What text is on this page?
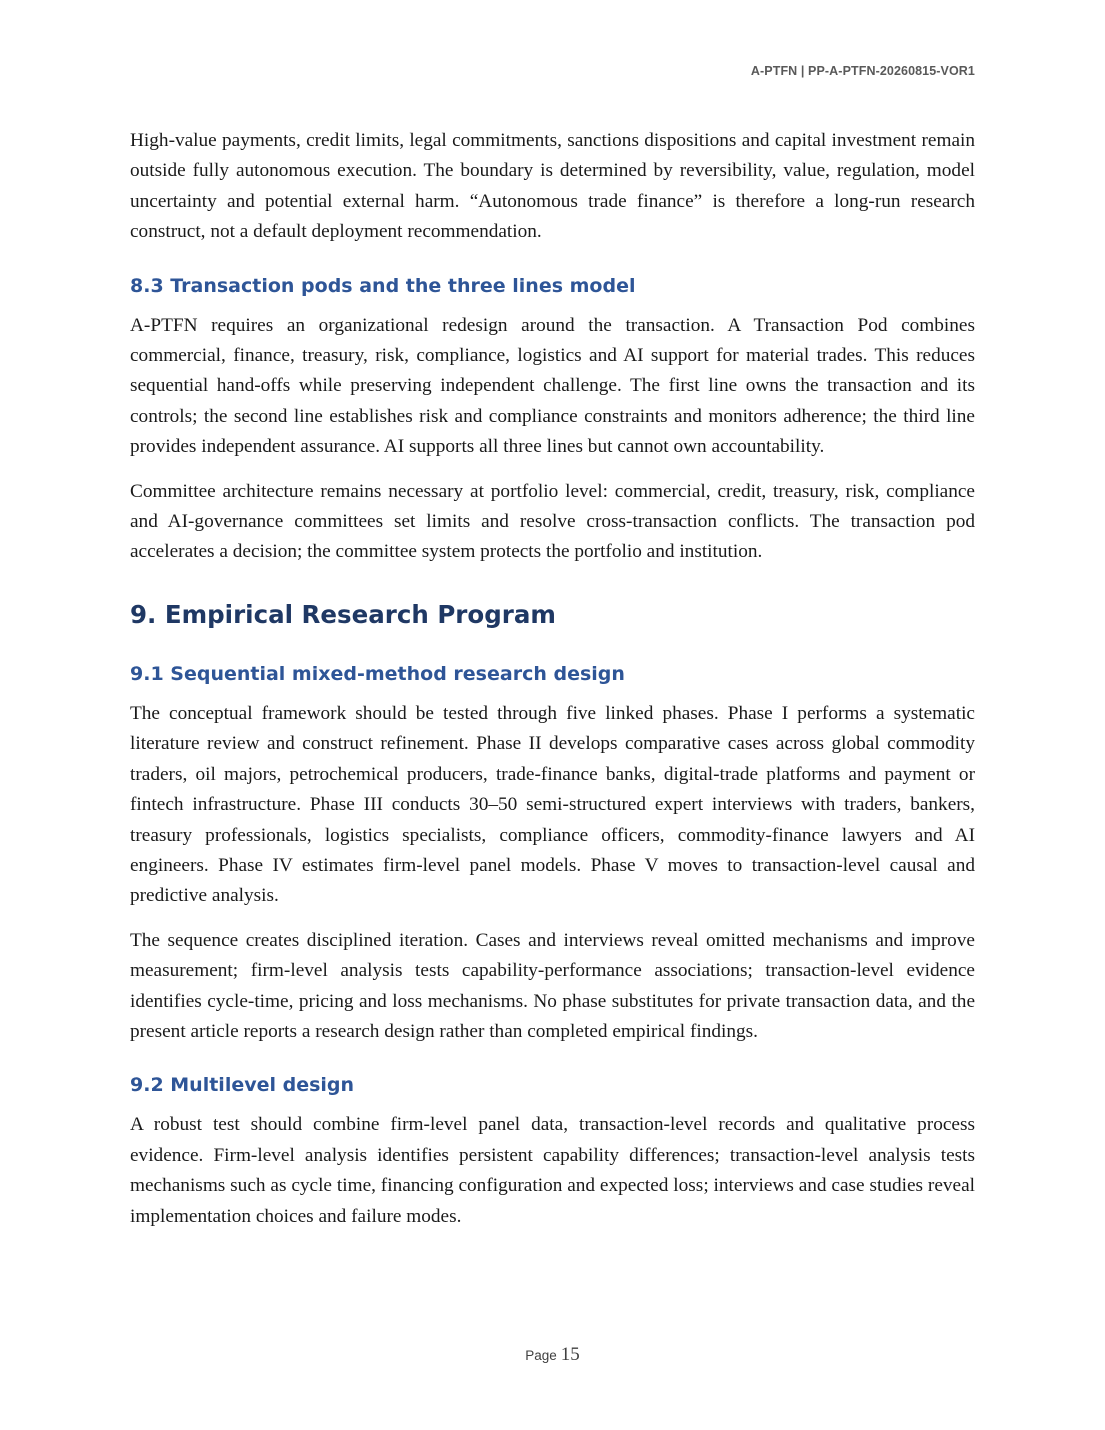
A-PTFN | PP-A-PTFN-20260815-VOR1

High-value payments, credit limits, legal commitments, sanctions dispositions and capital investment remain outside fully autonomous execution. The boundary is determined by reversibility, value, regulation, model uncertainty and potential external harm. “Autonomous trade finance” is therefore a long-run research construct, not a default deployment recommendation.

8.3 Transaction pods and the three lines model

A-PTFN requires an organizational redesign around the transaction. A Transaction Pod combines commercial, finance, treasury, risk, compliance, logistics and AI support for material trades. This reduces sequential hand-offs while preserving independent challenge. The first line owns the transaction and its controls; the second line establishes risk and compliance constraints and monitors adherence; the third line provides independent assurance. AI supports all three lines but cannot own accountability.

Committee architecture remains necessary at portfolio level: commercial, credit, treasury, risk, compliance and AI-governance committees set limits and resolve cross-transaction conflicts. The transaction pod accelerates a decision; the committee system protects the portfolio and institution.

9. Empirical Research Program
9.1 Sequential mixed-method research design

The conceptual framework should be tested through five linked phases. Phase I performs a systematic literature review and construct refinement. Phase II develops comparative cases across global commodity traders, oil majors, petrochemical producers, trade-finance banks, digital-trade platforms and payment or fintech infrastructure. Phase III conducts 30–50 semi-structured expert interviews with traders, bankers, treasury professionals, logistics specialists, compliance officers, commodity-finance lawyers and AI engineers. Phase IV estimates firm-level panel models. Phase V moves to transaction-level causal and predictive analysis.

The sequence creates disciplined iteration. Cases and interviews reveal omitted mechanisms and improve measurement; firm-level analysis tests capability-performance associations; transaction-level evidence identifies cycle-time, pricing and loss mechanisms. No phase substitutes for private transaction data, and the present article reports a research design rather than completed empirical findings.

9.2 Multilevel design

A robust test should combine firm-level panel data, transaction-level records and qualitative process evidence. Firm-level analysis identifies persistent capability differences; transaction-level analysis tests mechanisms such as cycle time, financing configuration and expected loss; interviews and case studies reveal implementation choices and failure modes.

Page 15
